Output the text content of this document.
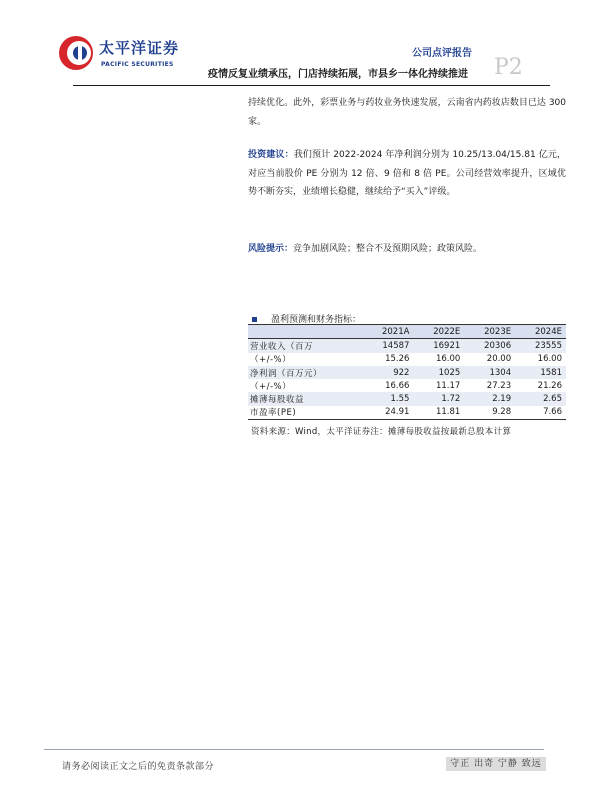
太平洋证券
PACIFIC SECURITIES
公司点评报告
疫情反复业绩承压，门店持续拓展，市县乡一体化持续推进 P2
持续优化。此外，彩票业务与药妆业务快速发展，云南省内药妆店数目已达 300 家。
投资建议：我们预计 2022-2024 年净利润分别为 10.25/13.04/15.81 亿元，对应当前股价 PE 分别为 12 倍、9 倍和 8 倍 PE。公司经营效率提升，区域优势不断夯实，业绩增长稳健，继续给予“买入”评级。
风险提示：竞争加剧风险；整合不及预期风险；政策风险。
盈利预测和财务指标：
	2021A	2022E	2023E	2024E
营业收入（百万	14587	16921	20306	23555
（+/-%）	15.26	16.00	20.00	16.00
净利润（百万元）	922	1025	1304	1581
（+/-%）	16.66	11.17	27.23	21.26
摊薄每股收益	1.55	1.72	2.19	2.65
市盈率(PE)	24.91	11.81	9.28	7.66
资料来源：Wind，太平洋证券注：摊薄每股收益按最新总股本计算
请务必阅读正文之后的免责条款部分	守正 出奇 宁静 致远
